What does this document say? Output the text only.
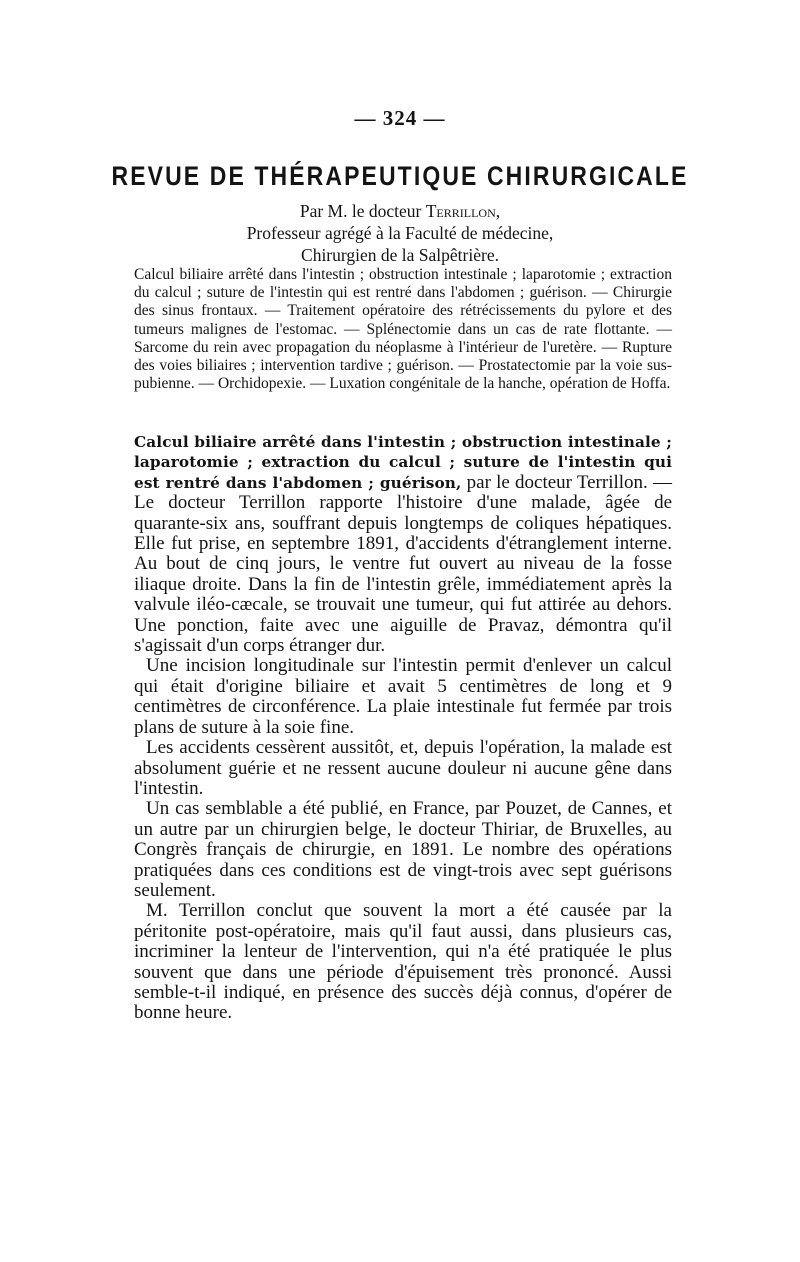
— 324 —
REVUE DE THÉRAPEUTIQUE CHIRURGICALE
Par M. le docteur Terrillon,
Professeur agrégé à la Faculté de médecine,
Chirurgien de la Salpêtrière.
Calcul biliaire arrêté dans l'intestin ; obstruction intestinale ; laparotomie ; extraction du calcul ; suture de l'intestin qui est rentré dans l'abdomen ; guérison. — Chirurgie des sinus frontaux. — Traitement opératoire des rétrécissements du pylore et des tumeurs malignes de l'estomac. — Splénectomie dans un cas de rate flottante. — Sarcome du rein avec propagation du néoplasme à l'intérieur de l'uretère. — Rupture des voies biliaires ; intervention tardive ; guérison. — Prostatectomie par la voie sus-pubienne. — Orchidopexie. — Luxation congénitale de la hanche, opération de Hoffa.

Calcul biliaire arrêté dans l'intestin ; obstruction intestinale ; laparotomie ; extraction du calcul ; suture de l'intestin qui est rentré dans l'abdomen ; guérison, par le docteur Terrillon. — Le docteur Terrillon rapporte l'histoire d'une malade, âgée de quarante-six ans, souffrant depuis longtemps de coliques hépatiques. Elle fut prise, en septembre 1891, d'accidents d'étranglement interne. Au bout de cinq jours, le ventre fut ouvert au niveau de la fosse iliaque droite. Dans la fin de l'intestin grêle, immédiatement après la valvule iléo-cæcale, se trouvait une tumeur, qui fut attirée au dehors. Une ponction, faite avec une aiguille de Pravaz, démontra qu'il s'agissait d'un corps étranger dur.

Une incision longitudinale sur l'intestin permit d'enlever un calcul qui était d'origine biliaire et avait 5 centimètres de long et 9 centimètres de circonférence. La plaie intestinale fut fermée par trois plans de suture à la soie fine.

Les accidents cessèrent aussitôt, et, depuis l'opération, la malade est absolument guérie et ne ressent aucune douleur ni aucune gêne dans l'intestin.

Un cas semblable a été publié, en France, par Pouzet, de Cannes, et un autre par un chirurgien belge, le docteur Thiriar, de Bruxelles, au Congrès français de chirurgie, en 1891. Le nombre des opérations pratiquées dans ces conditions est de vingt-trois avec sept guérisons seulement.

M. Terrillon conclut que souvent la mort a été causée par la péritonite post-opératoire, mais qu'il faut aussi, dans plusieurs cas, incriminer la lenteur de l'intervention, qui n'a été pratiquée le plus souvent que dans une période d'épuisement très prononcé. Aussi semble-t-il indiqué, en présence des succès déjà connus, d'opérer de bonne heure.
